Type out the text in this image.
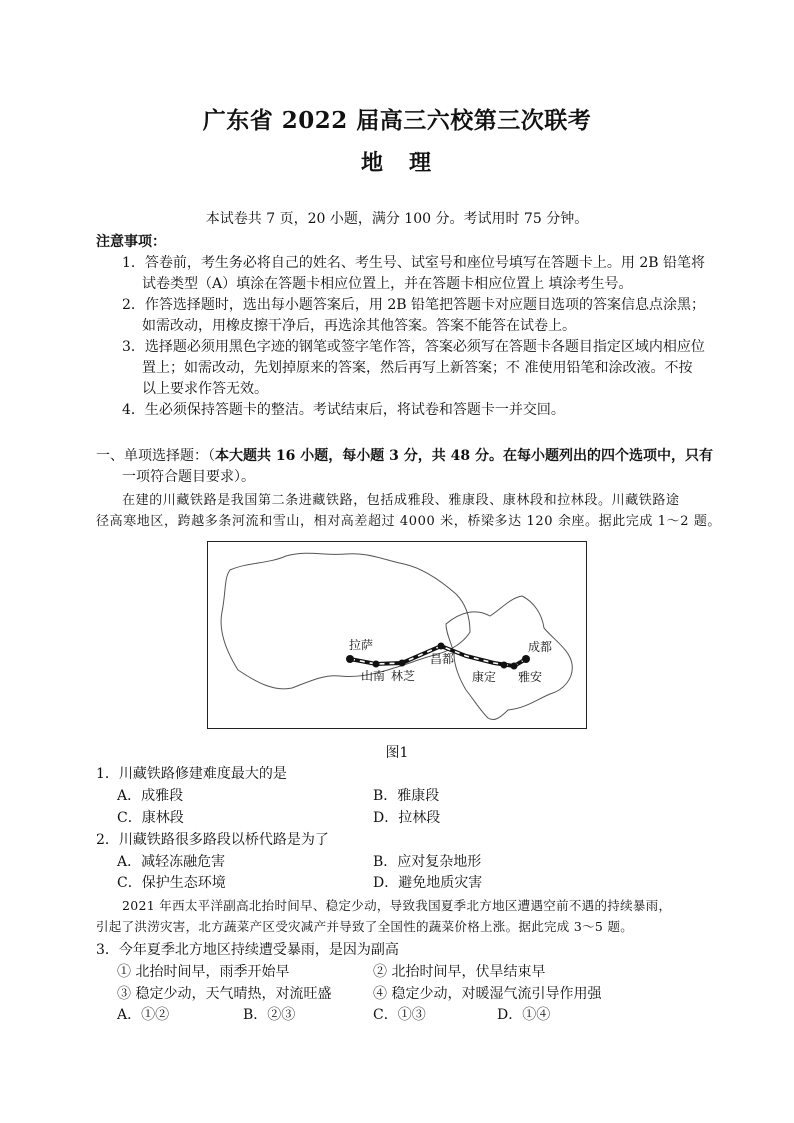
广东省 2022 届高三六校第三次联考
地理
本试卷共 7 页，20 小题，满分 100 分。考试用时 75 分钟。
注意事项：
1．答卷前，考生务必将自己的姓名、考生号、试室号和座位号填写在答题卡上。用 2B 铅笔将
试卷类型（A）填涂在答题卡相应位置上，并在答题卡相应位置上 填涂考生号。
2．作答选择题时，选出每小题答案后，用 2B 铅笔把答题卡对应题目选项的答案信息点涂黑；
如需改动，用橡皮擦干净后，再选涂其他答案。答案不能答在试卷上。
3．选择题必须用黑色字迹的钢笔或签字笔作答，答案必须写在答题卡各题目指定区域内相应位
置上；如需改动，先划掉原来的答案，然后再写上新答案；不 准使用铅笔和涂改液。不按
以上要求作答无效。
4．生必须保持答题卡的整洁。考试结束后，将试卷和答题卡一并交回。
一、单项选择题：（本大题共 16 小题，每小题 3 分，共 48 分。在每小题列出的四个选项中，只有
一项符合题目要求）。
在建的川藏铁路是我国第二条进藏铁路，包括成雅段、雅康段、康林段和拉林段。川藏铁路途
径高寒地区，跨越多条河流和雪山，相对高差超过 4000 米，桥梁多达 120 余座。据此完成 1～2 题。
拉萨
山南 林芝
昌都
康定 雅安
成都
图1
1．川藏铁路修建难度最大的是
A．成雅段	B．雅康段
C．康林段	D．拉林段
2．川藏铁路很多路段以桥代路是为了
A．减轻冻融危害	B．应对复杂地形
C．保护生态环境	D．避免地质灾害
2021 年西太平洋副高北抬时间早、稳定少动，导致我国夏季北方地区遭遇空前不遇的持续暴雨，
引起了洪涝灾害，北方蔬菜产区受灾减产并导致了全国性的蔬菜价格上涨。据此完成 3～5 题。
3．今年夏季北方地区持续遭受暴雨，是因为副高
① 北抬时间早，雨季开始早	② 北抬时间早，伏旱结束早
③ 稳定少动，天气晴热，对流旺盛	④ 稳定少动，对暖湿气流引导作用强
A．①②	B．②③	C．①③	D．①④
